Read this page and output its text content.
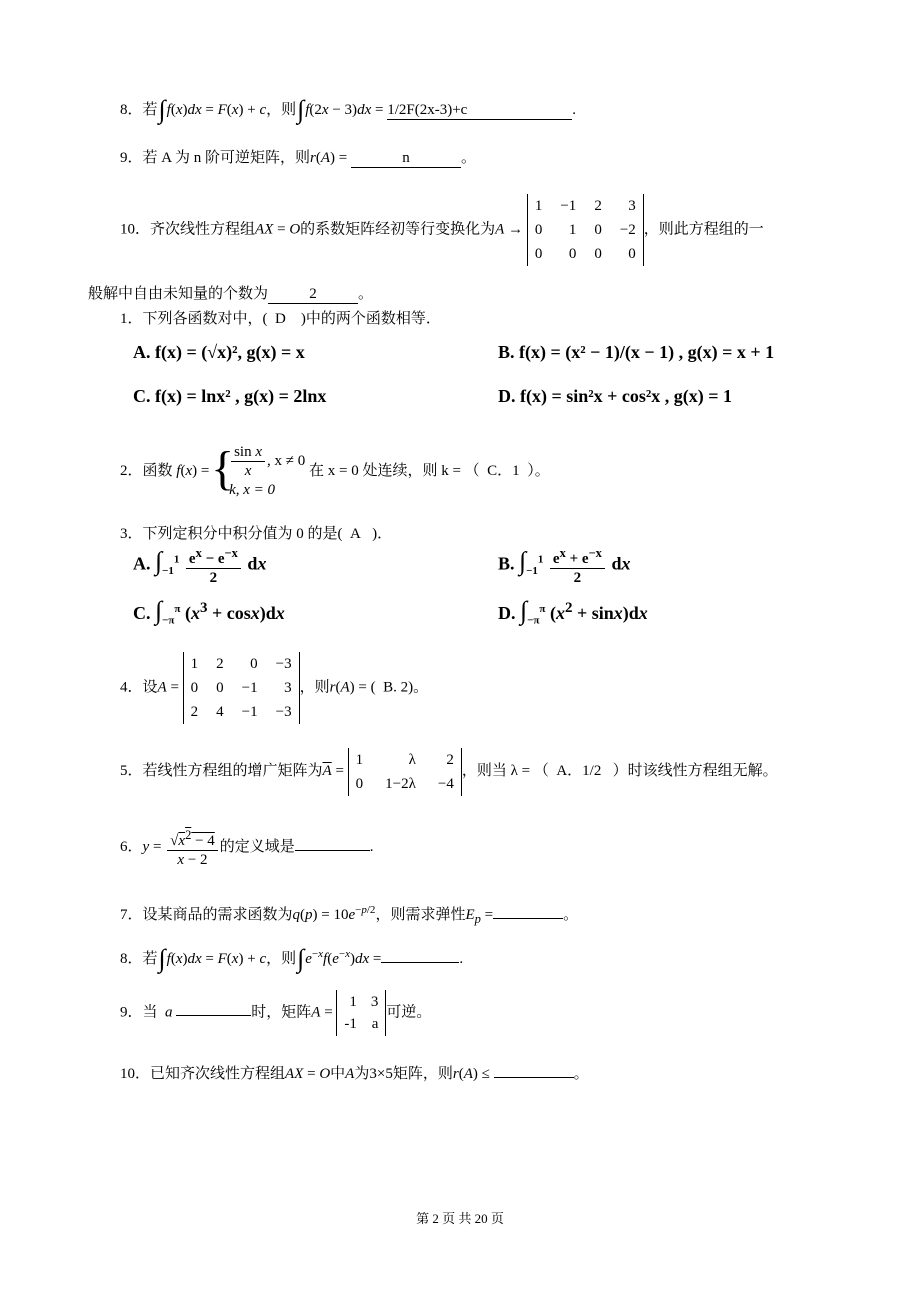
8．若∫f(x)dx = F(x) + c，则∫f(2x − 3)dx = 1/2F(2x-3)+c	.
9．若 A 为 n 阶可逆矩阵，则r(A) =	n	。
10．齐次线性方程组AX = O的系数矩阵经初等行变换化为A →
1 −1 2	3
0	1 0 −2
0	0 0	0
，则此方程组的一
般解中自由未知量的个数为	2	。
1．下列各函数对中，( D )中的两个函数相等．
A. f(x) = (√x)², g(x) = x	B. f(x) = (x² − 1)/(x − 1) , g(x) = x + 1
C. f(x) = lnx² , g(x) = 2lnx	D. f(x) = sin²x + cos²x , g(x) = 1
2．函数 f(x) =
{
$\frac{\text{sin x}}{x}$ , x ≠ 0
k, x = 0
在 x = 0 处连续，则 k = （ C．1 ）。
3．下列定积分中积分值为 0 的是( A )．
A. $\int_{-1}^1 \frac{e^x - e^{-x}}{2}$ dx	B. $\int_{-1}^1 \frac{e^x + e^{-x}}{2}$ dx
C. $\int_{-\pi}^\pi$ $(x^3 + \cos x)dx$	D. $\int_{-\pi}^\pi$ $(x^2 + \sin x)dx$
4．设A =
1 2	0 −3
0 0 −1	3
2 4 −1 −3
，则r(A) = (  B. 2)。
5．若线性方程组的增广矩阵为$\overline{A}$ =
1	λ	2
0 1−2λ −4
，则当 λ = （ A．1/2 ）时该线性方程组无解。
6．$y = \frac{√x^2 - 4}{x - 2}$ 的定义域是	.
7．设某商品的需求函数为$q(p) = 10e^{-p/2}$，则需求弹性$E_p$ =	。
8．若∫f(x)dx = F(x) + c，则$\int e^{-x}f(e^{-x})dx$ =	.
9．当 a	时，矩阵A =
1 3
-1 a
可逆。
10．已知齐次线性方程组AX = O中A为3×5矩阵，则r(A) ≤	。
第 2 页 共 20 页
